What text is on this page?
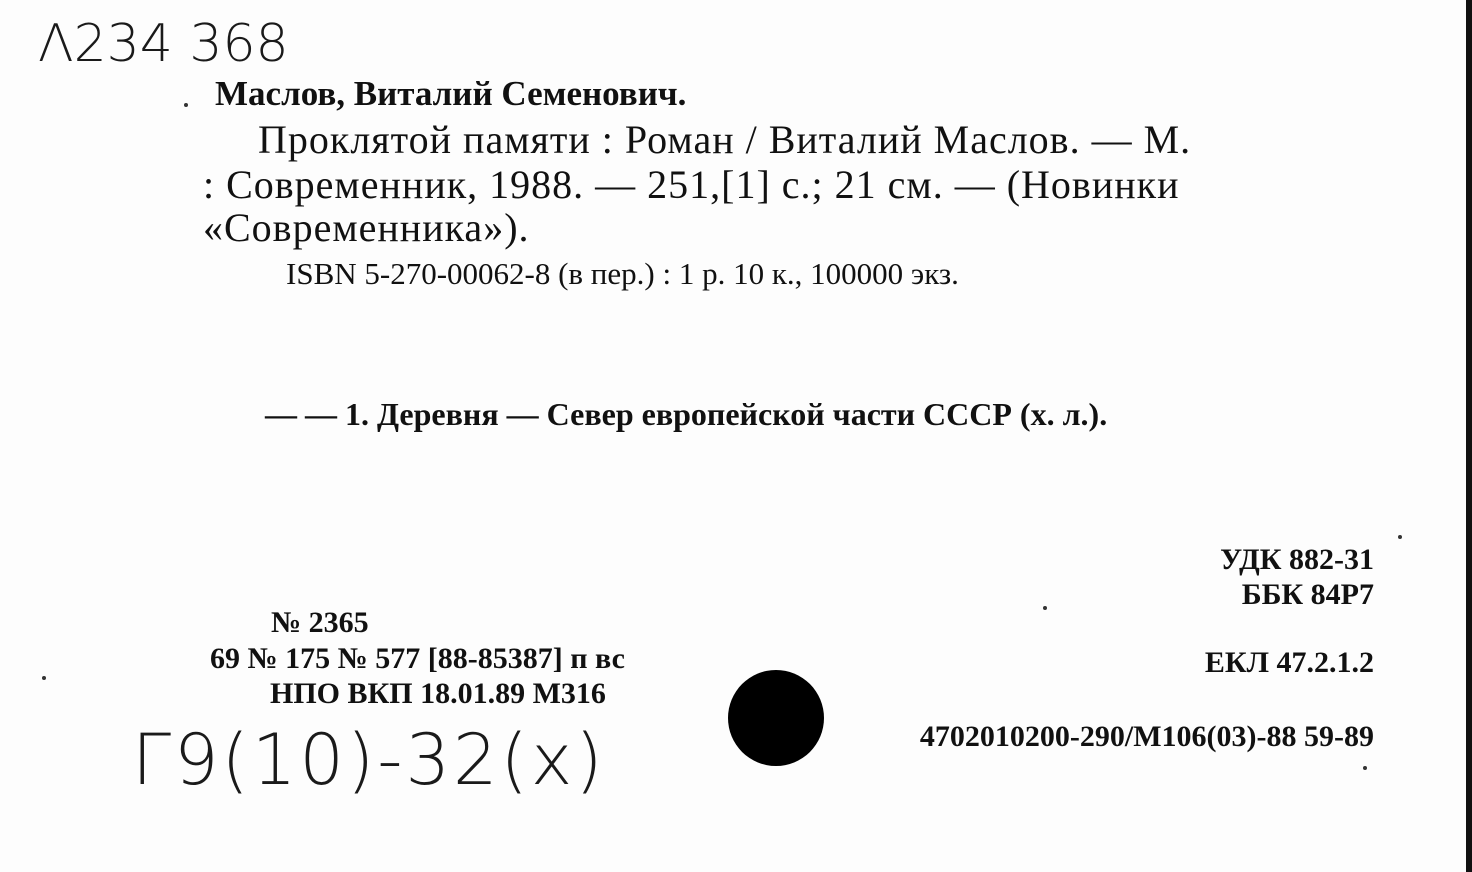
Λ234 368
Маслов, Виталий Семенович.
Проклятой памяти : Роман / Виталий Маслов. — М.
: Современник, 1988. — 251,[1] с.; 21 см. — (Новинки
«Современника»).
ISBN 5-270-00062-8 (в пер.) : 1 р. 10 к., 100000 экз.
— — 1. Деревня — Север европейской части СССР (х. л.).
УДК 882-31
ББК 84Р7
ЕКЛ 47.2.1.2
4702010200-290/М106(03)-88 59-89
№ 2365
69 № 175 № 577 [88-85387] п вс
НПО ВКП 18.01.89 М316
Г9(10)-32(х)
